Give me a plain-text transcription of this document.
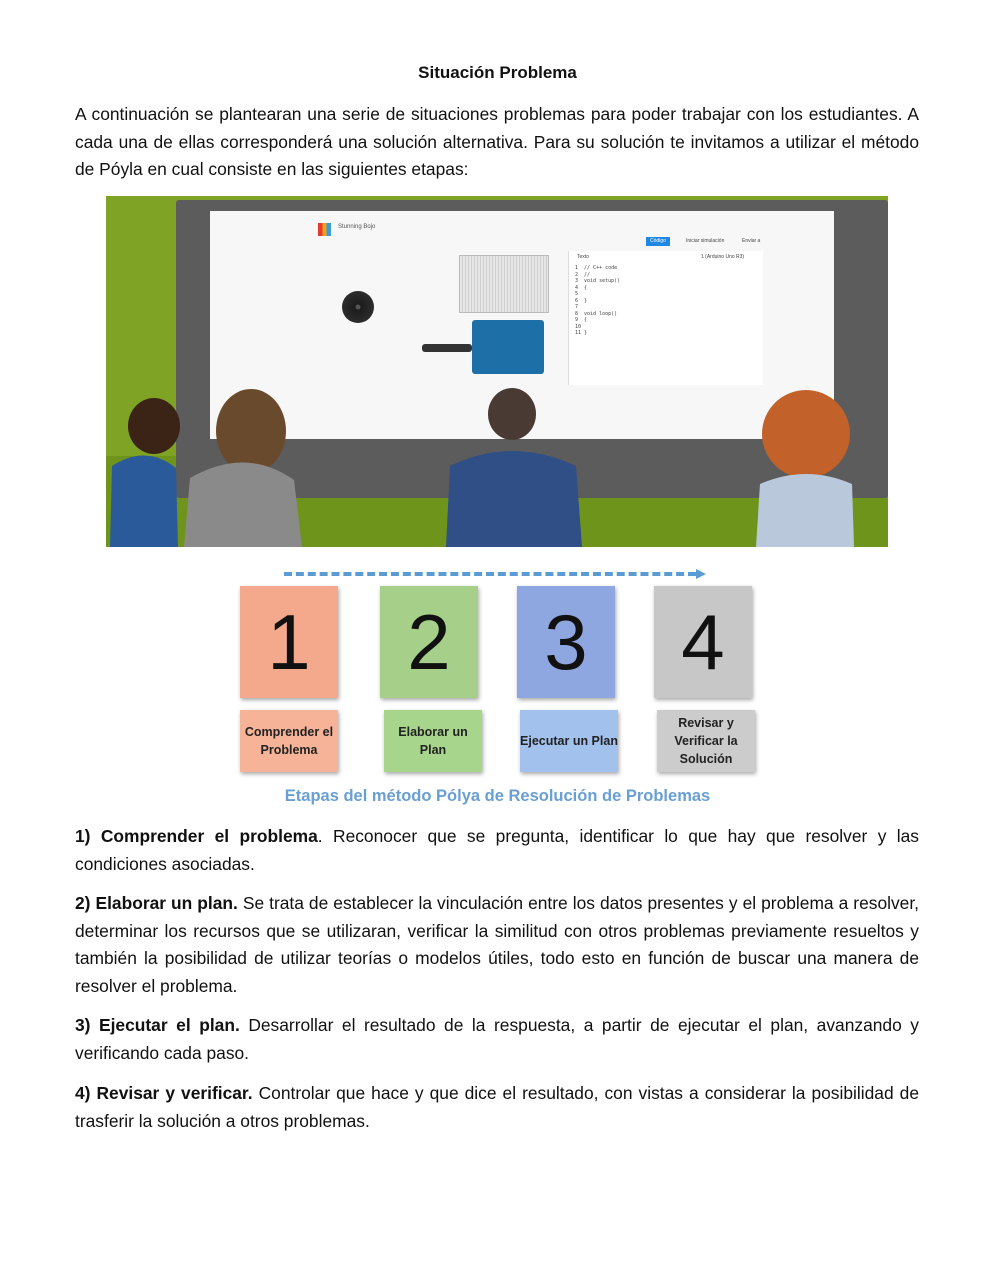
Situación Problema

A continuación se plantearan una serie de situaciones problemas para poder trabajar con los estudiantes. A cada una de ellas corresponderá una solución alternativa. Para su solución te invitamos a utilizar el método de Póyla en cual consiste en las siguientes etapas:

Stunning Bojo
Código	Iniciar simulación	Enviar a
Texto	1 (Arduino Uno R3)
1  // C++ code
2  //
3  void setup()
4  {
5
6  }
7
8  void loop()
9  {
10
11 }
1	2	3	4
Comprender el Problema
Elaborar un Plan
Ejecutar un Plan
Revisar y Verificar la Solución
Etapas del método Pólya de Resolución de Problemas

1) Comprender el problema. Reconocer que se pregunta, identificar lo que hay que resolver y las condiciones asociadas.

2) Elaborar un plan. Se trata de establecer la vinculación entre los datos presentes y el problema a resolver, determinar los recursos que se utilizaran, verificar la similitud con otros problemas previamente resueltos y también la posibilidad de utilizar teorías o modelos útiles, todo esto en función de buscar una manera de resolver el problema.

3) Ejecutar el plan. Desarrollar el resultado de la respuesta, a partir de ejecutar el plan, avanzando y verificando cada paso.

4) Revisar y verificar. Controlar que hace y que dice el resultado, con vistas a considerar la posibilidad de trasferir la solución a otros problemas.
